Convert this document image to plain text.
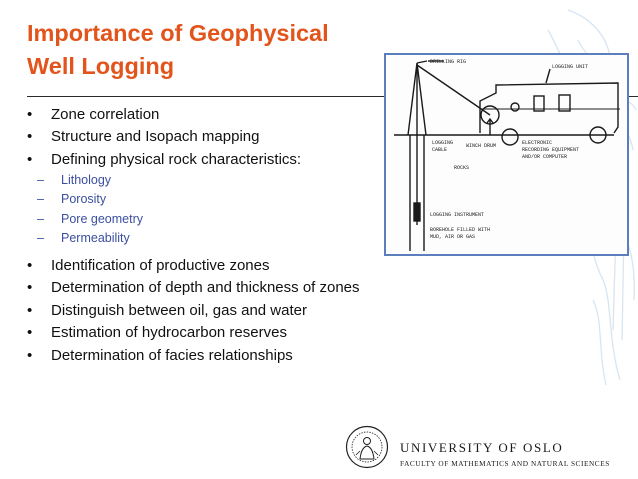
Importance of Geophysical
Well Logging	DRILLING RIG
LOGGING UNIT
LOGGING
CABLE
WINCH DRUM	ELECTRONIC
RECORDING EQUIPMENT
AND/OR COMPUTER
ROCKS
LOGGING INSTRUMENT
BOREHOLE FILLED WITH
MUD, AIR OR GAS
• Zone correlation
• Structure and Isopach mapping
• Defining physical rock characteristics:
– Lithology
– Porosity
– Pore geometry
– Permeability
• Identification of productive zones
• Determination of depth and thickness of zones
• Distinguish between oil, gas and water
• Estimation of hydrocarbon reserves
• Determination of facies relationships
UNIVERSITY OF OSLO
FACULTY OF MATHEMATICS AND NATURAL SCIENCES
